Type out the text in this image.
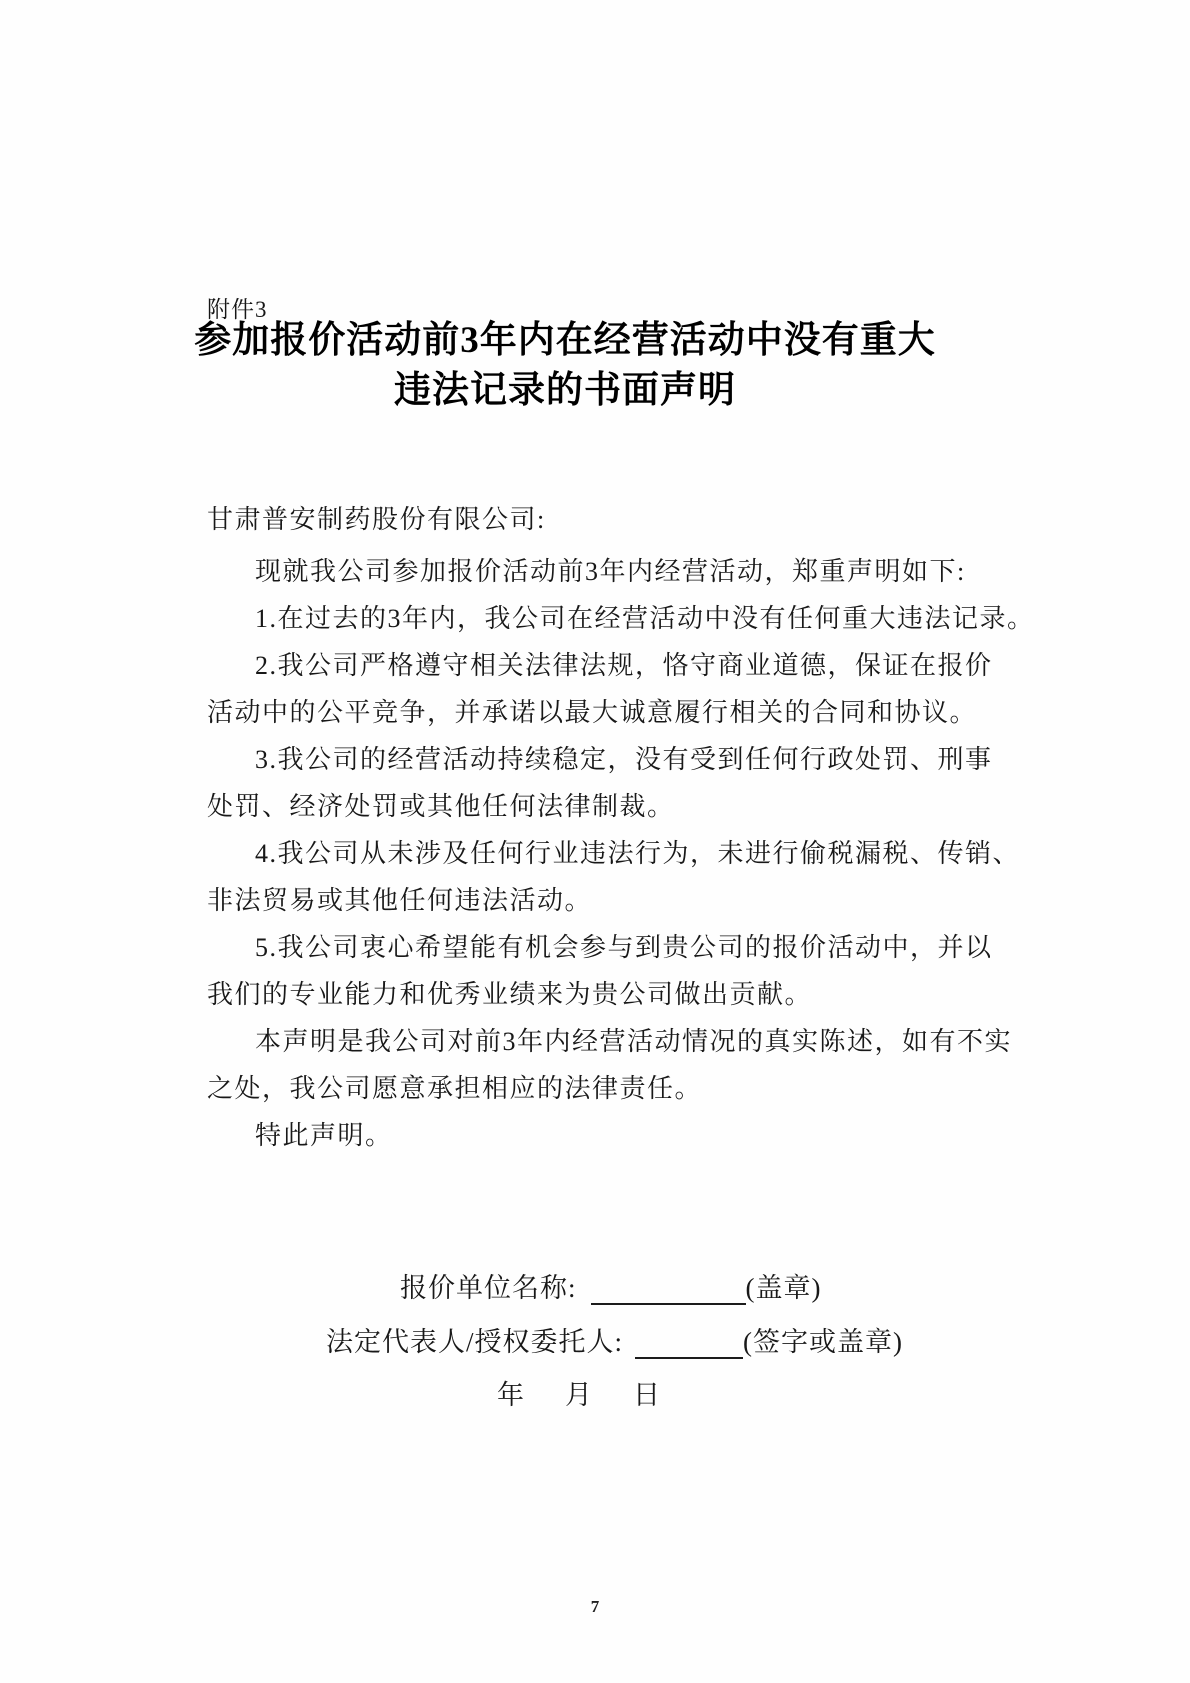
附件3
参加报价活动前3年内在经营活动中没有重大
违法记录的书面声明
甘肃普安制药股份有限公司:
现就我公司参加报价活动前3年内经营活动，郑重声明如下:
1.在过去的3年内，我公司在经营活动中没有任何重大违法记录。
2.我公司严格遵守相关法律法规，恪守商业道德，保证在报价
活动中的公平竞争，并承诺以最大诚意履行相关的合同和协议。
3.我公司的经营活动持续稳定，没有受到任何行政处罚、刑事
处罚、经济处罚或其他任何法律制裁。
4.我公司从未涉及任何行业违法行为，未进行偷税漏税、传销、
非法贸易或其他任何违法活动。
5.我公司衷心希望能有机会参与到贵公司的报价活动中，并以
我们的专业能力和优秀业绩来为贵公司做出贡献。
本声明是我公司对前3年内经营活动情况的真实陈述，如有不实
之处，我公司愿意承担相应的法律责任。
特此声明。
报价单位名称:	(盖章)
法定代表人/授权委托人:	(签字或盖章)
年 月 日
7
